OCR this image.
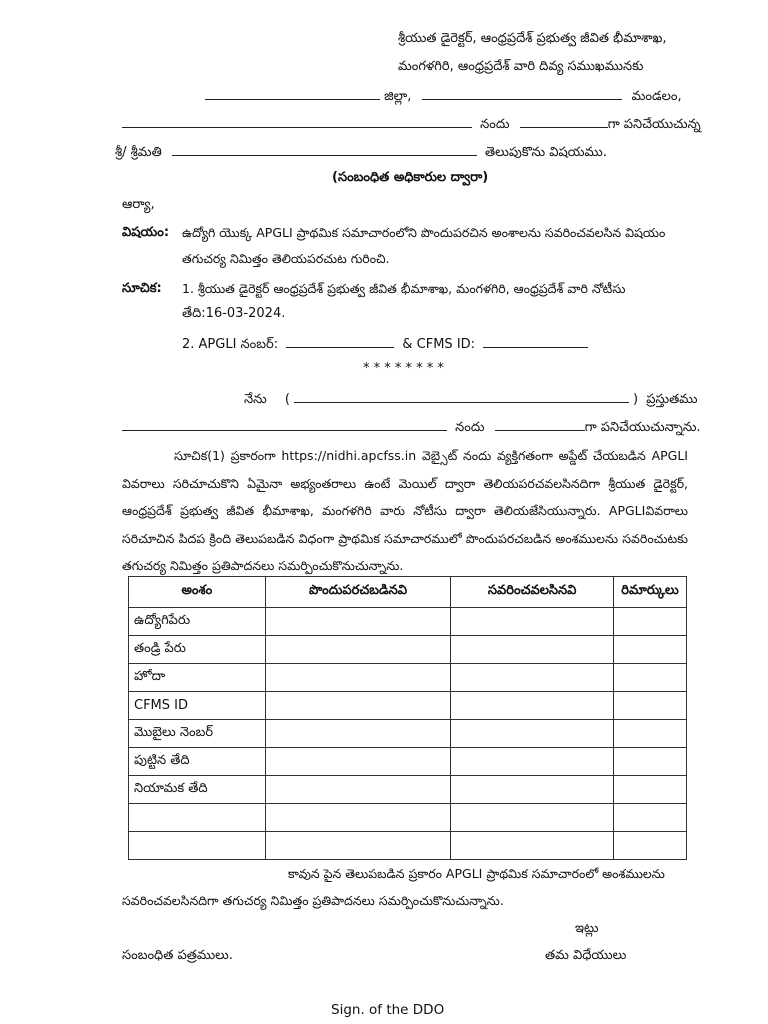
శ్రీయుత డైరెక్టర్, ఆంధ్రప్రదేశ్ ప్రభుత్వ జీవిత భీమాశాఖ,
మంగళగిరి, ఆంధ్రప్రదేశ్ వారి దివ్య సముఖమునకు
జిల్లా,	మండలం,
నందు	గా పనిచేయుచున్న
శ్రీ/ శ్రీమతి	తెలుపుకొను విషయము.
(సంబంధిత అధికారుల ద్వారా)
ఆర్యా,
విషయం: ఉద్యోగి యొక్క APGLI ప్రాథమిక సమాచారంలోని పొందుపరచిన అంశాలను సవరించవలసిన విషయం
తగుచర్య నిమిత్తం తెలియపరచుట గురించి.
సూచిక: 1. శ్రీయుత డైరెక్టర్ ఆంధ్రప్రదేశ్ ప్రభుత్వ జీవిత భీమాశాఖ, మంగళగిరి, ఆంధ్రప్రదేశ్ వారి నోటీసు
తేది:16-03-2024.
2. APGLI నంబర్:	& CFMS ID:
* * * * * * * *
నేను (	) ప్రస్తుతము
నందు	గా పనిచేయుచున్నాను.
సూచిక(1) ప్రకారంగా https://nidhi.apcfss.in వెబ్సైట్ నందు వ్యక్తిగతంగా అప్డేట్ చేయబడిన APGLI వివరాలు సరిచూచుకొని ఏమైనా అభ్యంతరాలు ఉంటే మెయిల్ ద్వారా తెలియపరచవలసినదిగా శ్రీయుత డైరెక్టర్, ఆంధ్రప్రదేశ్ ప్రభుత్వ జీవిత భీమాశాఖ, మంగళగిరి వారు నోటీసు ద్వారా తెలియజేసియున్నారు. APGLIవివరాలు సరిచూచిన పిదప క్రింది తెలుపబడిన విధంగా ప్రాథమిక సమాచారములో పొందుపరచబడిన అంశములను సవరించుటకు తగుచర్య నిమిత్తం ప్రతిపాదనలు సమర్పించుకొనుచున్నాను.
అంశం	పొందుపరచబడినవి	సవరించవలసినవి	రిమార్కులు
ఉద్యోగిపేరు			
తండ్రి పేరు			
హోదా			
CFMS ID			
మొబైలు నెంబర్			
పుట్టిన తేది			
నియామక తేది			

కావున పైన తెలుపబడిన ప్రకారం APGLI ప్రాథమిక సమాచారంలో అంశములను
సవరించవలసినదిగా తగుచర్య నిమిత్తం ప్రతిపాదనలు సమర్పించుకొనుచున్నాను.
ఇట్లు
సంబంధిత పత్రములు.	తమ విధేయులు
Sign. of the DDO
